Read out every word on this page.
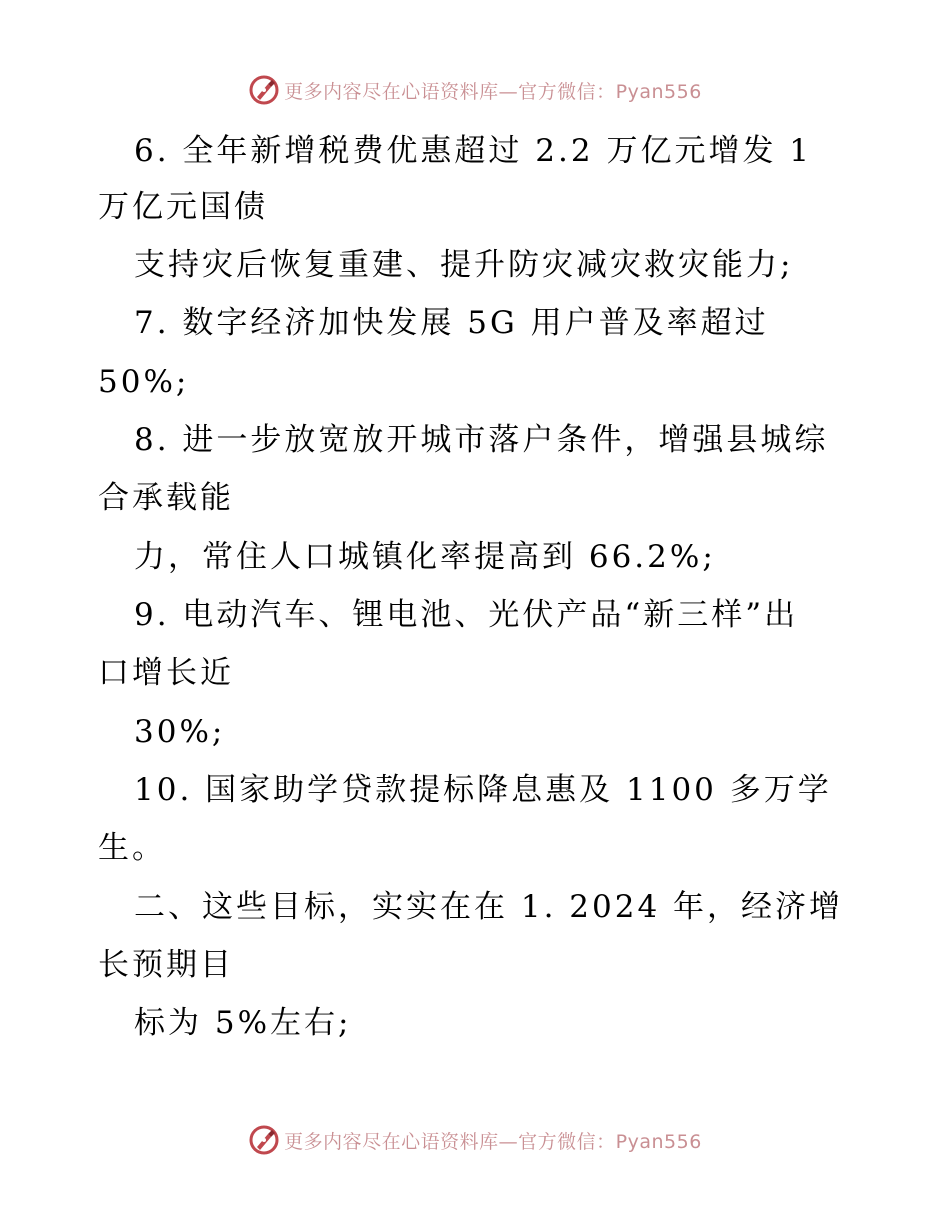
更多内容尽在心语资料库—官方微信：Pyan556

6. 全年新增税费优惠超过 2.2 万亿元增发 1

万亿元国债

支持灾后恢复重建、提升防灾减灾救灾能力;

7. 数字经济加快发展 5G 用户普及率超过

50%;

8. 进一步放宽放开城市落户条件，增强县城综

合承载能

力，常住人口城镇化率提高到 66.2%;

9. 电动汽车、锂电池、光伏产品“新三样”出

口增长近

30%;

10. 国家助学贷款提标降息惠及 1100 多万学

生。

二、这些目标，实实在在 1. 2024 年，经济增

长预期目

标为 5%左右;

更多内容尽在心语资料库—官方微信：Pyan556
